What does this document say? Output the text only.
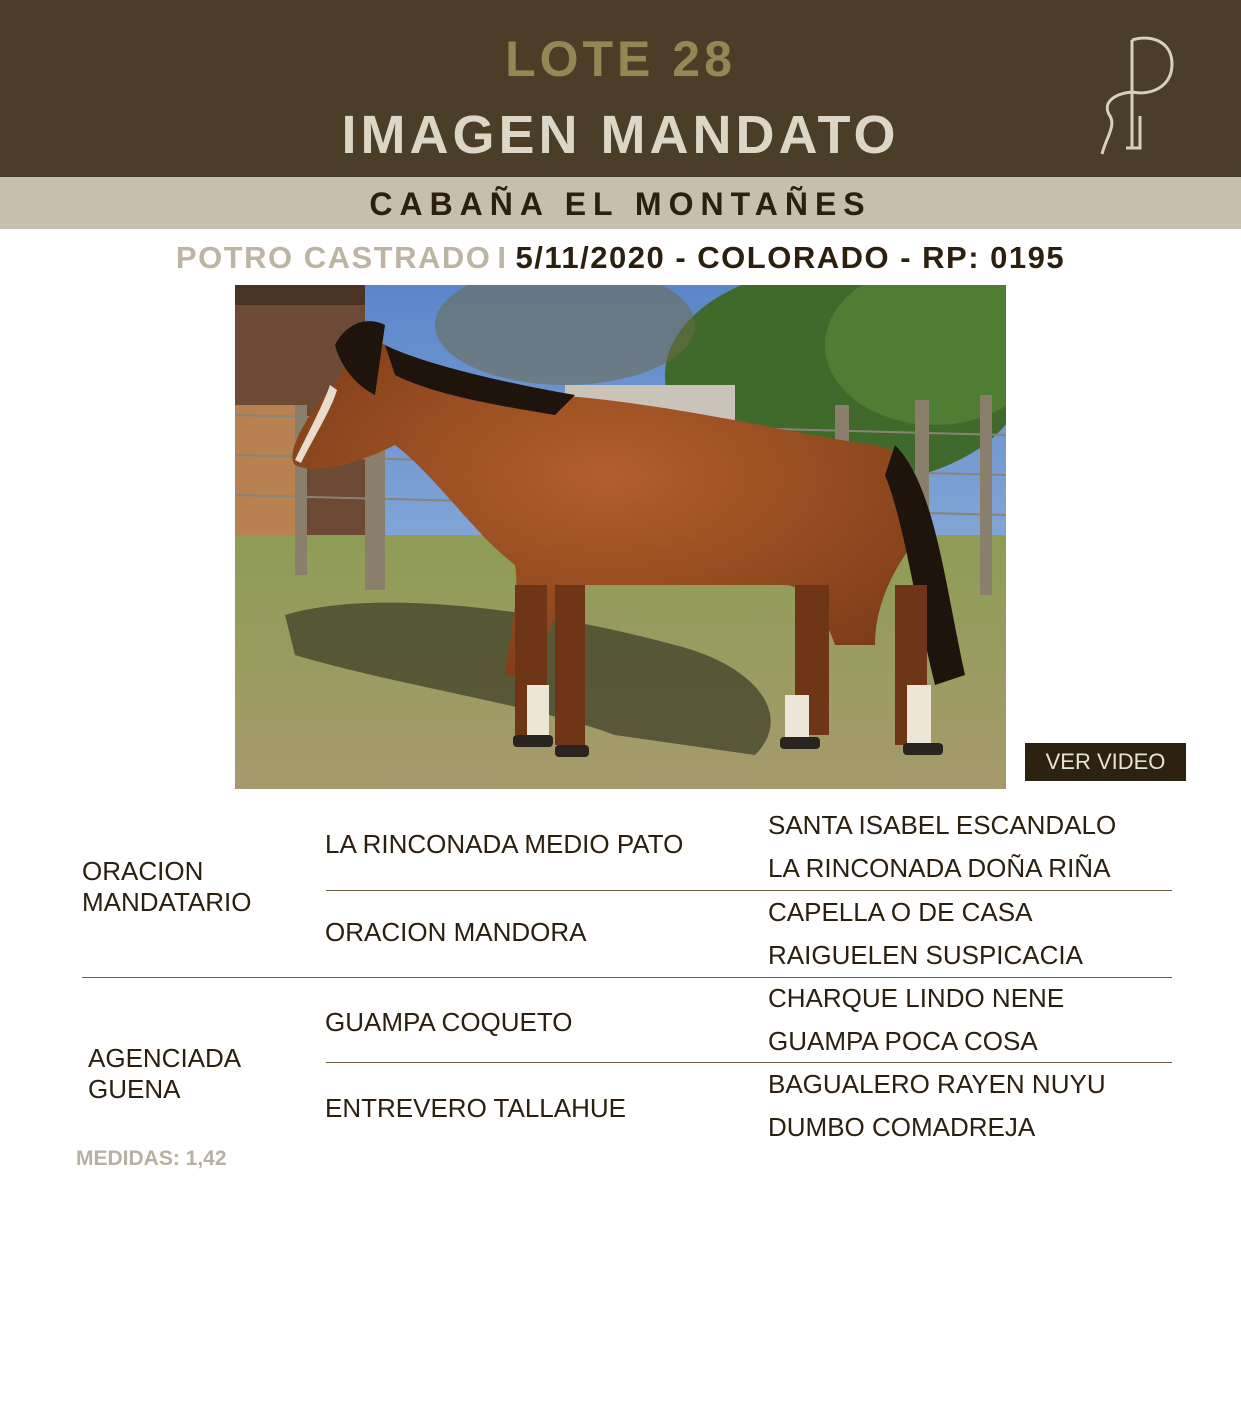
LOTE 28
IMAGEN MANDATO
CABAÑA EL MONTAÑES
POTRO CASTRADO I 5/11/2020 - COLORADO - RP: 0195
VER VIDEO
ORACION
MANDATARIO
LA RINCONADA MEDIO PATO
SANTA ISABEL ESCANDALO
LA RINCONADA DOÑA RIÑA
ORACION MANDORA
CAPELLA O DE CASA
RAIGUELEN SUSPICACIA
AGENCIADA
GUENA
GUAMPA COQUETO
CHARQUE LINDO NENE
GUAMPA POCA COSA
ENTREVERO TALLAHUE
BAGUALERO RAYEN NUYU
DUMBO COMADREJA
MEDIDAS: 1,42
